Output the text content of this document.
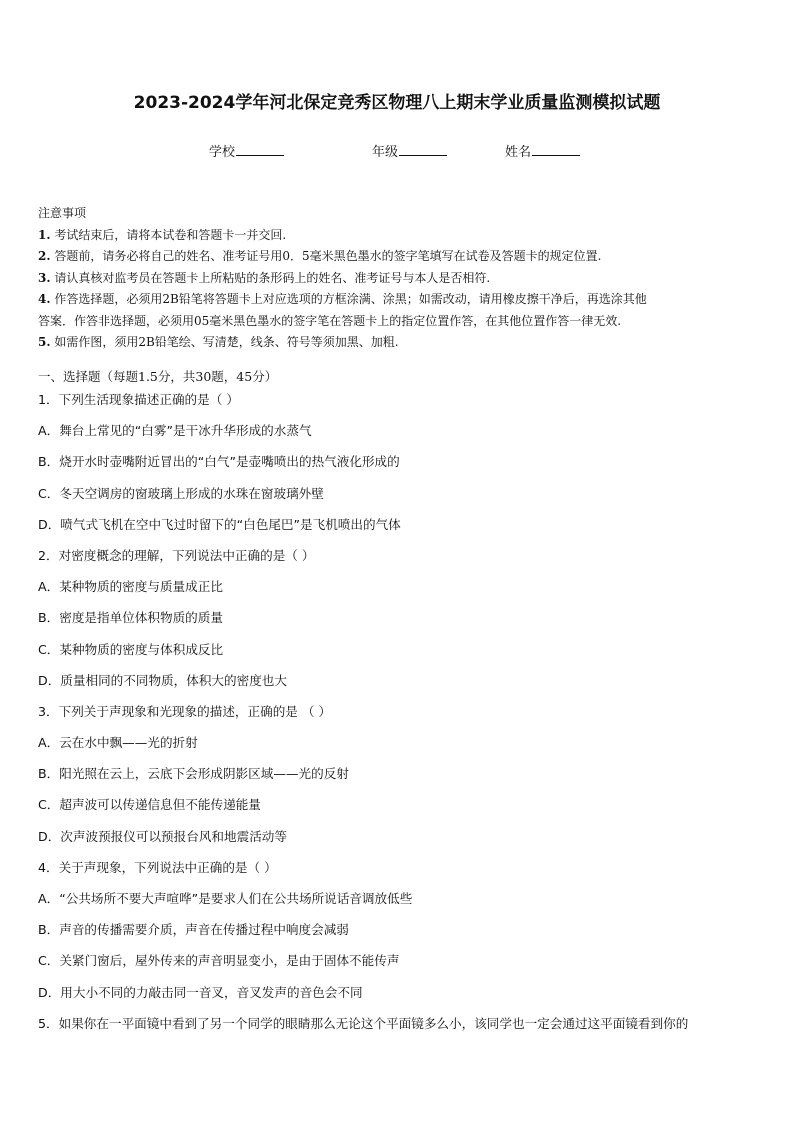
2023-2024学年河北保定竞秀区物理八上期末学业质量监测模拟试题
学校	年级	姓名
注意事项
1. 考试结束后，请将本试卷和答题卡一并交回.
2. 答题前，请务必将自己的姓名、准考证号用0．5毫米黑色墨水的签字笔填写在试卷及答题卡的规定位置.
3. 请认真核对监考员在答题卡上所粘贴的条形码上的姓名、准考证号与本人是否相符.
4. 作答选择题，必须用2B铅笔将答题卡上对应选项的方框涂满、涂黑；如需改动，请用橡皮擦干净后，再选涂其他
答案．作答非选择题，必须用05毫米黑色墨水的签字笔在答题卡上的指定位置作答，在其他位置作答一律无效.
5. 如需作图，须用2B铅笔绘、写清楚，线条、符号等须加黑、加粗.
一、选择题（每题1.5分，共30题，45分）
1．下列生活现象描述正确的是（ ）
A．舞台上常见的“白雾”是干冰升华形成的水蒸气
B．烧开水时壶嘴附近冒出的“白气”是壶嘴喷出的热气液化形成的
C．冬天空调房的窗玻璃上形成的水珠在窗玻璃外壁
D．喷气式飞机在空中飞过时留下的“白色尾巴”是飞机喷出的气体
2．对密度概念的理解，下列说法中正确的是（ ）
A．某种物质的密度与质量成正比
B．密度是指单位体积物质的质量
C．某种物质的密度与体积成反比
D．质量相同的不同物质，体积大的密度也大
3．下列关于声现象和光现象的描述，正确的是 （ ）
A．云在水中飘——光的折射
B．阳光照在云上，云底下会形成阴影区域——光的反射
C．超声波可以传递信息但不能传递能量
D．次声波预报仪可以预报台风和地震活动等
4．关于声现象，下列说法中正确的是（ ）
A．“公共场所不要大声喧哗”是要求人们在公共场所说话音调放低些
B．声音的传播需要介质，声音在传播过程中响度会减弱
C．关紧门窗后，屋外传来的声音明显变小，是由于固体不能传声
D．用大小不同的力敲击同一音叉，音叉发声的音色会不同
5．如果你在一平面镜中看到了另一个同学的眼睛那么无论这个平面镜多么小，该同学也一定会通过这平面镜看到你的
